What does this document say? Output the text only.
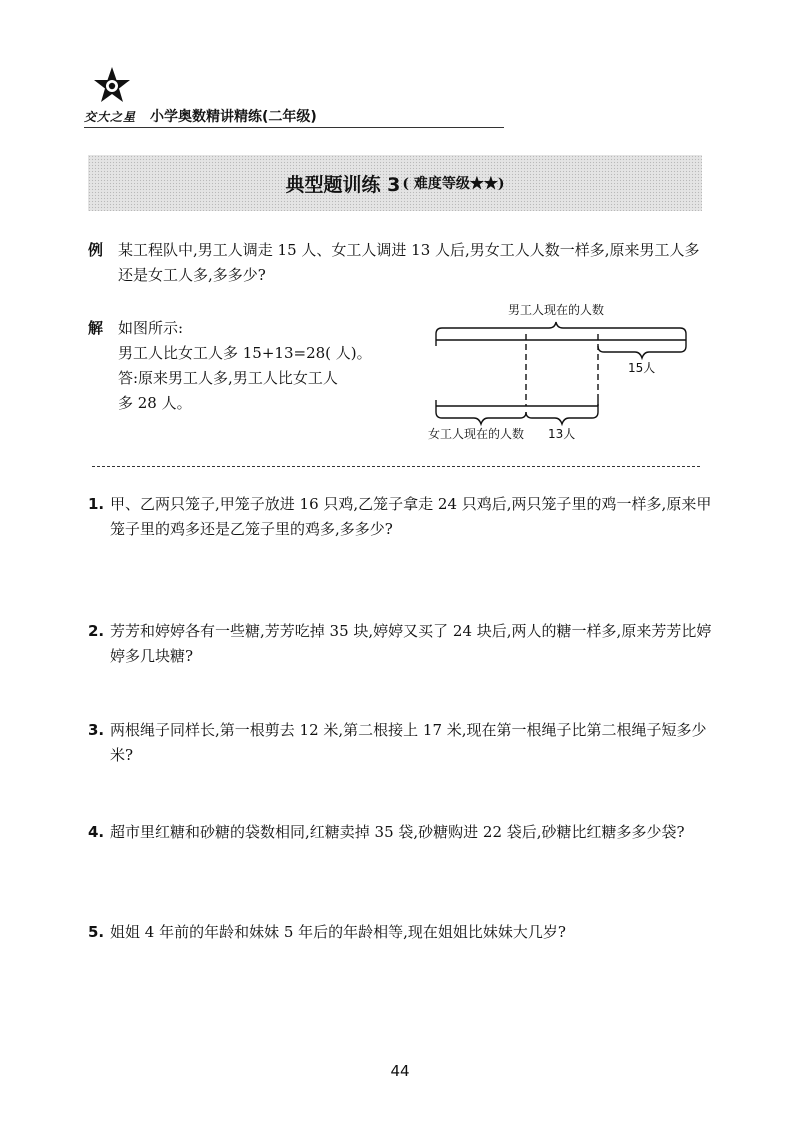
交大之星 小学奥数精讲精练(二年级)
典型题训练 3 ( 难度等级★★)
例 某工程队中,男工人调走 15 人、女工人调进 13 人后,男女工人人数一样多,原来男工人多还是女工人多,多多少?
解 如图所示:
男工人比女工人多 15+13=28( 人)。
答:原来男工人多,男工人比女工人
多 28 人。
男工人现在的人数
15人
女工人现在的人数 13人
1. 甲、乙两只笼子,甲笼子放进 16 只鸡,乙笼子拿走 24 只鸡后,两只笼子里的鸡一样多,原来甲笼子里的鸡多还是乙笼子里的鸡多,多多少?
2. 芳芳和婷婷各有一些糖,芳芳吃掉 35 块,婷婷又买了 24 块后,两人的糖一样多,原来芳芳比婷婷多几块糖?
3. 两根绳子同样长,第一根剪去 12 米,第二根接上 17 米,现在第一根绳子比第二根绳子短多少米?
4. 超市里红糖和砂糖的袋数相同,红糖卖掉 35 袋,砂糖购进 22 袋后,砂糖比红糖多多少袋?
5. 姐姐 4 年前的年龄和妹妹 5 年后的年龄相等,现在姐姐比妹妹大几岁?
44
